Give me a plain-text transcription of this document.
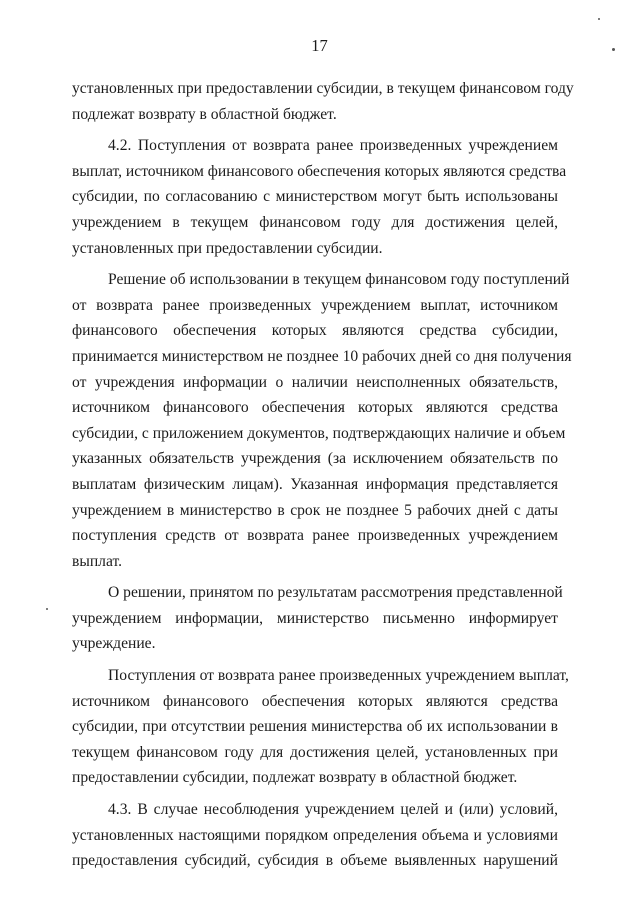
17
установленных при предоставлении субсидии, в текущем финансовом году
подлежат возврату в областной бюджет.
4.2. Поступления от возврата ранее произведенных учреждением
выплат, источником финансового обеспечения которых являются средства
субсидии, по согласованию с министерством могут быть использованы
учреждением в текущем финансовом году для достижения целей,
установленных при предоставлении субсидии.
Решение об использовании в текущем финансовом году поступлений
от возврата ранее произведенных учреждением выплат, источником
финансового обеспечения которых являются средства субсидии,
принимается министерством не позднее 10 рабочих дней со дня получения
от учреждения информации о наличии неисполненных обязательств,
источником финансового обеспечения которых являются средства
субсидии, с приложением документов, подтверждающих наличие и объем
указанных обязательств учреждения (за исключением обязательств по
выплатам физическим лицам). Указанная информация представляется
учреждением в министерство в срок не позднее 5 рабочих дней с даты
поступления средств от возврата ранее произведенных учреждением
выплат.
О решении, принятом по результатам рассмотрения представленной
учреждением информации, министерство письменно информирует
учреждение.
Поступления от возврата ранее произведенных учреждением выплат,
источником финансового обеспечения которых являются средства
субсидии, при отсутствии решения министерства об их использовании в
текущем финансовом году для достижения целей, установленных при
предоставлении субсидии, подлежат возврату в областной бюджет.
4.3. В случае несоблюдения учреждением целей и (или) условий,
установленных настоящими порядком определения объема и условиями
предоставления субсидий, субсидия в объеме выявленных нарушений
